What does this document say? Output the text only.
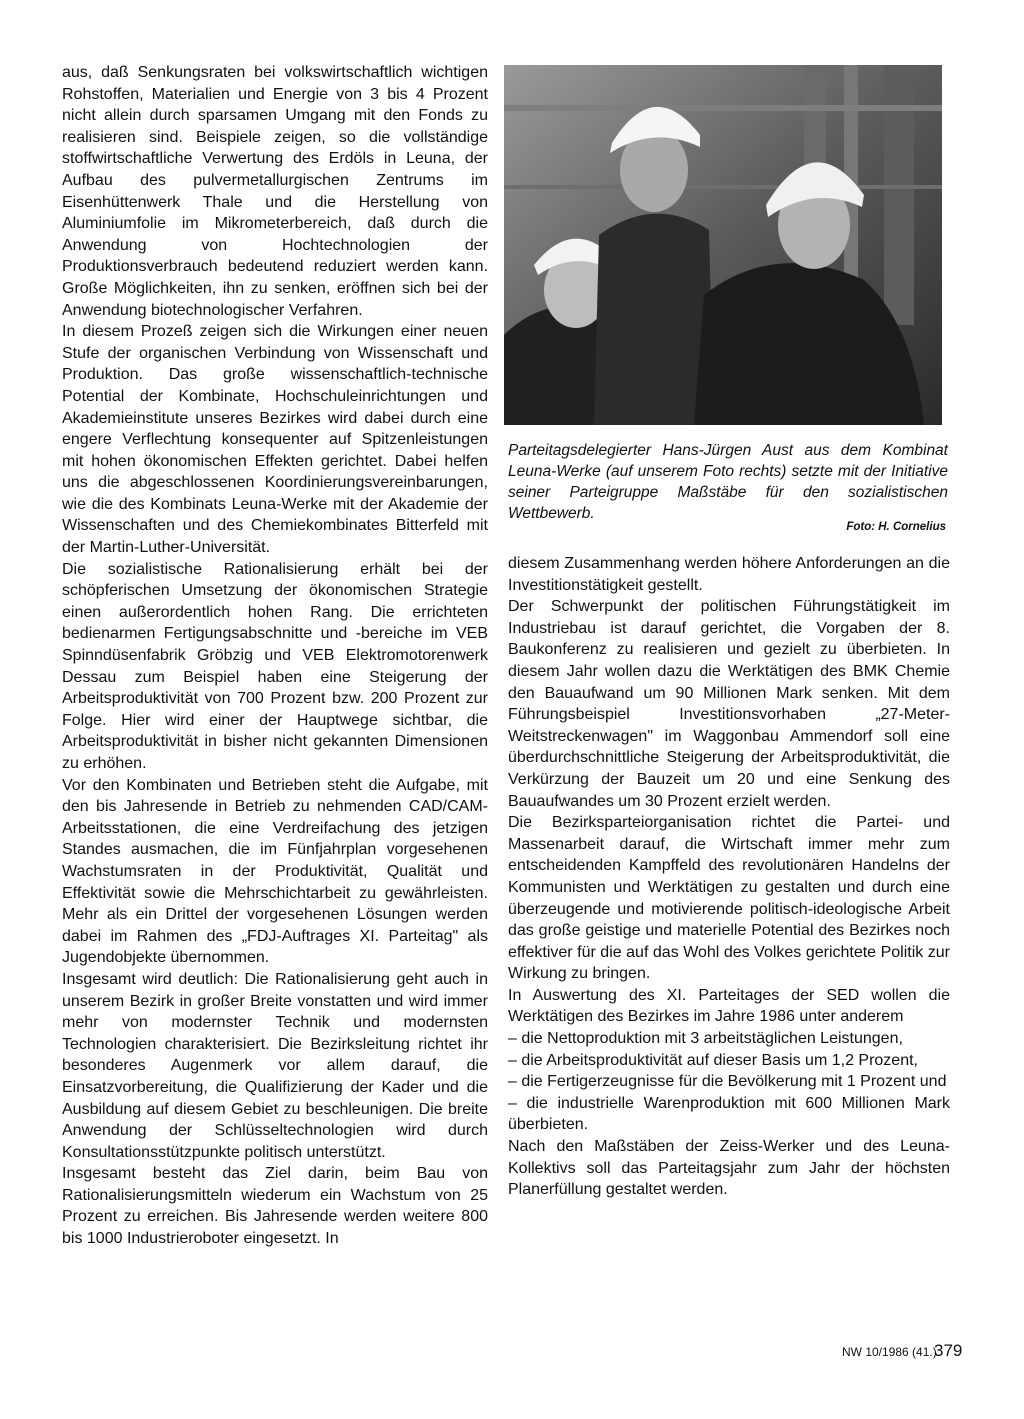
aus, daß Senkungsraten bei volkswirtschaftlich wichtigen Rohstoffen, Materialien und Energie von 3 bis 4 Prozent nicht allein durch sparsamen Umgang mit den Fonds zu realisieren sind. Beispiele zeigen, so die vollständige stoffwirtschaftliche Verwertung des Erdöls in Leuna, der Aufbau des pulvermetallurgischen Zentrums im Eisenhüttenwerk Thale und die Herstellung von Aluminiumfolie im Mikrometerbereich, daß durch die Anwendung von Hochtechnologien der Produktionsverbrauch bedeutend reduziert werden kann. Große Möglichkeiten, ihn zu senken, eröffnen sich bei der Anwendung biotechnologischer Verfahren.

In diesem Prozeß zeigen sich die Wirkungen einer neuen Stufe der organischen Verbindung von Wissenschaft und Produktion. Das große wissenschaftlich-technische Potential der Kombinate, Hochschuleinrichtungen und Akademieinstitute unseres Bezirkes wird dabei durch eine engere Verflechtung konsequenter auf Spitzenleistungen mit hohen ökonomischen Effekten gerichtet. Dabei helfen uns die abgeschlossenen Koordinierungsvereinbarungen, wie die des Kombinats Leuna-Werke mit der Akademie der Wissenschaften und des Chemiekombinates Bitterfeld mit der Martin-Luther-Universität.

Die sozialistische Rationalisierung erhält bei der schöpferischen Umsetzung der ökonomischen Strategie einen außerordentlich hohen Rang. Die errichteten bedienarmen Fertigungsabschnitte und -bereiche im VEB Spinndüsenfabrik Gröbzig und VEB Elektromotorenwerk Dessau zum Beispiel haben eine Steigerung der Arbeitsproduktivität von 700 Prozent bzw. 200 Prozent zur Folge. Hier wird einer der Hauptwege sichtbar, die Arbeitsproduktivität in bisher nicht gekannten Dimensionen zu erhöhen.

Vor den Kombinaten und Betrieben steht die Aufgabe, mit den bis Jahresende in Betrieb zu nehmenden CAD/CAM-Arbeitsstationen, die eine Verdreifachung des jetzigen Standes ausmachen, die im Fünfjahrplan vorgesehenen Wachstumsraten in der Produktivität, Qualität und Effektivität sowie die Mehrschichtarbeit zu gewährleisten. Mehr als ein Drittel der vorgesehenen Lösungen werden dabei im Rahmen des „FDJ-Auftrages XI. Parteitag" als Jugendobjekte übernommen.

Insgesamt wird deutlich: Die Rationalisierung geht auch in unserem Bezirk in großer Breite vonstatten und wird immer mehr von modernster Technik und modernsten Technologien charakterisiert. Die Bezirksleitung richtet ihr besonderes Augenmerk vor allem darauf, die Einsatzvorbereitung, die Qualifizierung der Kader und die Ausbildung auf diesem Gebiet zu beschleunigen. Die breite Anwendung der Schlüsseltechnologien wird durch Konsultationsstützpunkte politisch unterstützt.

Insgesamt besteht das Ziel darin, beim Bau von Rationalisierungsmitteln wiederum ein Wachstum von 25 Prozent zu erreichen. Bis Jahresende werden weitere 800 bis 1000 Industrieroboter eingesetzt. In

Parteitagsdelegierter Hans-Jürgen Aust aus dem Kombinat Leuna-Werke (auf unserem Foto rechts) setzte mit der Initiative seiner Parteigruppe Maßstäbe für den sozialistischen Wettbewerb.

Foto: H. Cornelius

diesem Zusammenhang werden höhere Anforderungen an die Investitionstätigkeit gestellt.

Der Schwerpunkt der politischen Führungstätigkeit im Industriebau ist darauf gerichtet, die Vorgaben der 8. Baukonferenz zu realisieren und gezielt zu überbieten. In diesem Jahr wollen dazu die Werktätigen des BMK Chemie den Bauaufwand um 90 Millionen Mark senken. Mit dem Führungsbeispiel Investitionsvorhaben „27-Meter-Weitstreckenwagen" im Waggonbau Ammendorf soll eine überdurchschnittliche Steigerung der Arbeitsproduktivität, die Verkürzung der Bauzeit um 20 und eine Senkung des Bauaufwandes um 30 Prozent erzielt werden.

Die Bezirksparteiorganisation richtet die Partei- und Massenarbeit darauf, die Wirtschaft immer mehr zum entscheidenden Kampffeld des revolutionären Handelns der Kommunisten und Werktätigen zu gestalten und durch eine überzeugende und motivierende politisch-ideologische Arbeit das große geistige und materielle Potential des Bezirkes noch effektiver für die auf das Wohl des Volkes gerichtete Politik zur Wirkung zu bringen.

In Auswertung des XI. Parteitages der SED wollen die Werktätigen des Bezirkes im Jahre 1986 unter anderem

– die Nettoproduktion mit 3 arbeitstäglichen Leistungen,
– die Arbeitsproduktivität auf dieser Basis um 1,2 Prozent,
– die Fertigerzeugnisse für die Bevölkerung mit 1 Prozent und
– die industrielle Warenproduktion mit 600 Millionen Mark überbieten.

Nach den Maßstäben der Zeiss-Werker und des Leuna-Kollektivs soll das Parteitagsjahr zum Jahr der höchsten Planerfüllung gestaltet werden.

NW 10/1986 (41.)

379
